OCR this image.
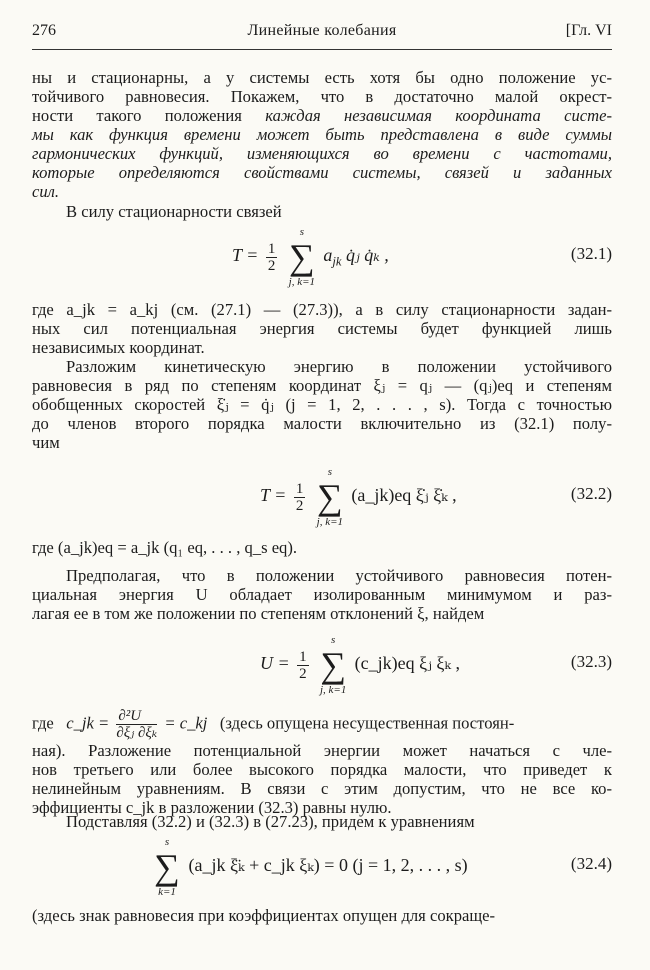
276	Линейные колебания	[Гл. VI

ны и стационарны, а у системы есть хотя бы одно положение ус-

тойчивого равновесия. Покажем, что в достаточно малой окрест-

ности такого положения каждая независимая координата систе-

мы как функция времени может быть представлена в виде суммы

гармонических функций, изменяющихся во времени с частотами,

которые определяются свойствами системы, связей и заданных

сил.

В силу стационарности связей

$T = \frac{1}{2}$

s
∑
j, k=1
$a_{jk}$ q̇ⱼ q̇ₖ ,	(32.1)

где a_jk = a_kj (см. (27.1) — (27.3)), а в силу стационарности задан-

ных сил потенциальная энергия системы будет функцией лишь

независимых координат.

Разложим кинетическую энергию в положении устойчивого

равновесия в ряд по степеням координат ξⱼ = qⱼ — (qⱼ)eq и степеням

обобщенных скоростей ξ̇ⱼ = q̇ⱼ (j = 1, 2, . . . , s). Тогда с точностью

до членов второго порядка малости включительно из (32.1) полу-

чим

$T = \frac{1}{2}$

s
∑
j, k=1
(a_jk)eq ξ̇ⱼ ξ̇ₖ ,	(32.2)

где (a_jk)eq = a_jk (q₁ eq, . . . , q_s eq).

Предполагая, что в положении устойчивого равновесия потен-

циальная энергия U обладает изолированным минимумом и раз-

лагая ее в том же положении по степеням отклонений ξ, найдем

$U = \frac{1}{2}$

s
∑
j, k=1
(c_jk)eq ξⱼ ξₖ ,	(32.3)

где c_jk = $\frac{\text{∂²U}}{\text{∂ξⱼ ∂ξₖ}}$ = c_kj (здесь опущена несущественная постоян-

ная). Разложение потенциальной энергии может начаться с чле-

нов третьего или более высокого порядка малости, что приведет к

нелинейным уравнениям. В связи с этим допустим, что не все ко-

эффициенты c_jk в разложении (32.3) равны нулю.

Подставляя (32.2) и (32.3) в (27.23), придем к уравнениям

s
∑
k=1
(a_jk ξ̈ₖ + c_jk ξₖ) = 0 (j = 1, 2, . . . , s)	(32.4)

(здесь знак равновесия при коэффициентах опущен для сокраще-
